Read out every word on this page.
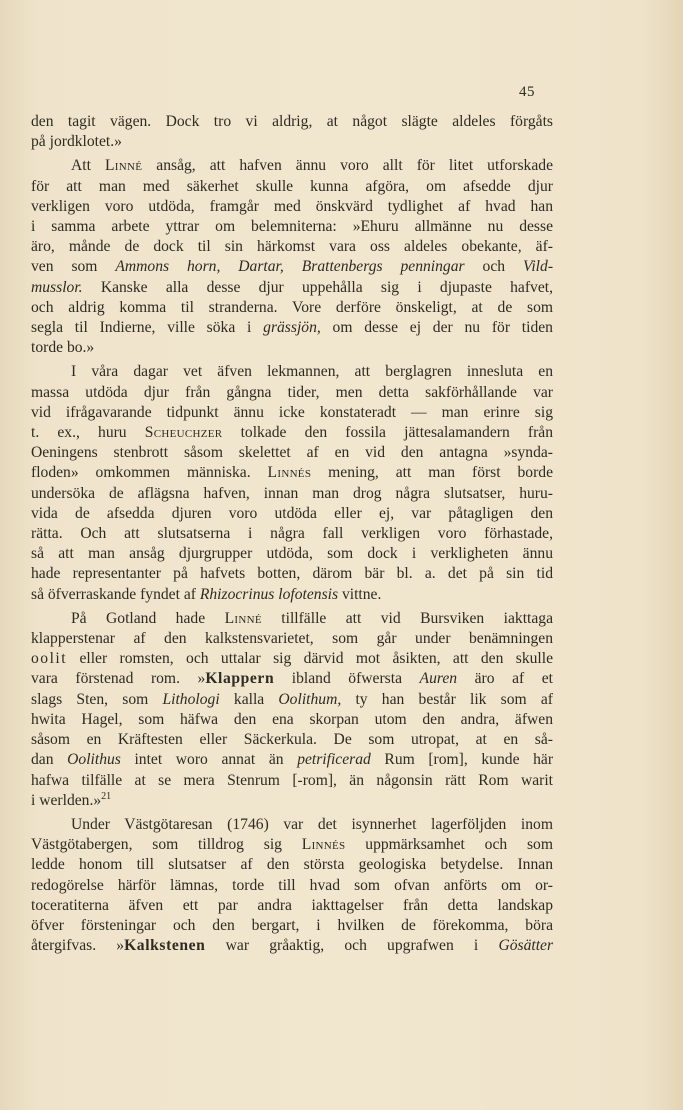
45
den tagit vägen. Dock tro vi aldrig, at något slägte aldeles förgåts
på jordklotet.»
Att Linné ansåg, att hafven ännu voro allt för litet utforskade
för att man med säkerhet skulle kunna afgöra, om afsedde djur
verkligen voro utdöda, framgår med önskvärd tydlighet af hvad han
i samma arbete yttrar om belemniterna: »Ehuru allmänne nu desse
äro, månde de dock til sin härkomst vara oss aldeles obekante, äf-
ven som Ammons horn, Dartar, Brattenbergs penningar och Vild-
musslor. Kanske alla desse djur uppehålla sig i djupaste hafvet,
och aldrig komma til stranderna. Vore derföre önskeligt, at de som
segla til Indierne, ville söka i grässjön, om desse ej der nu för tiden
torde bo.»
I våra dagar vet äfven lekmannen, att berglagren innesluta en
massa utdöda djur från gångna tider, men detta sakförhållande var
vid ifrågavarande tidpunkt ännu icke konstateradt — man erinre sig
t. ex., huru Scheuchzer tolkade den fossila jättesalamandern från
Oeningens stenbrott såsom skelettet af en vid den antagna »synda-
floden» omkommen människa. Linnés mening, att man först borde
undersöka de aflägsna hafven, innan man drog några slutsatser, huru-
vida de afsedda djuren voro utdöda eller ej, var påtagligen den
rätta. Och att slutsatserna i några fall verkligen voro förhastade,
så att man ansåg djurgrupper utdöda, som dock i verkligheten ännu
hade representanter på hafvets botten, därom bär bl. a. det på sin tid
så öfverraskande fyndet af Rhizocrinus lofotensis vittne.
På Gotland hade Linné tillfälle att vid Bursviken iakttaga
klapperstenar af den kalkstensvarietet, som går under benämningen
oolit eller romsten, och uttalar sig därvid mot åsikten, att den skulle
vara förstenad rom. »Klappern ibland öfwersta Auren äro af et
slags Sten, som Lithologi kalla Oolithum, ty han består lik som af
hwita Hagel, som häfwa den ena skorpan utom den andra, äfwen
såsom en Kräftesten eller Säckerkula. De som utropat, at en så-
dan Oolithus intet woro annat än petrificerad Rum [rom], kunde här
hafwa tilfälle at se mera Stenrum [-rom], än någonsin rätt Rom warit
i werlden.»$^{21}$
Under Västgötaresan (1746) var det isynnerhet lagerföljden inom
Västgötabergen, som tilldrog sig Linnés uppmärksamhet och som
ledde honom till slutsatser af den största geologiska betydelse. Innan
redogörelse härför lämnas, torde till hvad som ofvan anförts om or-
toceratiterna äfven ett par andra iakttagelser från detta landskap
öfver försteningar och den bergart, i hvilken de förekomma, böra
återgifvas. »Kalkstenen war gråaktig, och upgrafwen i Gösätter
